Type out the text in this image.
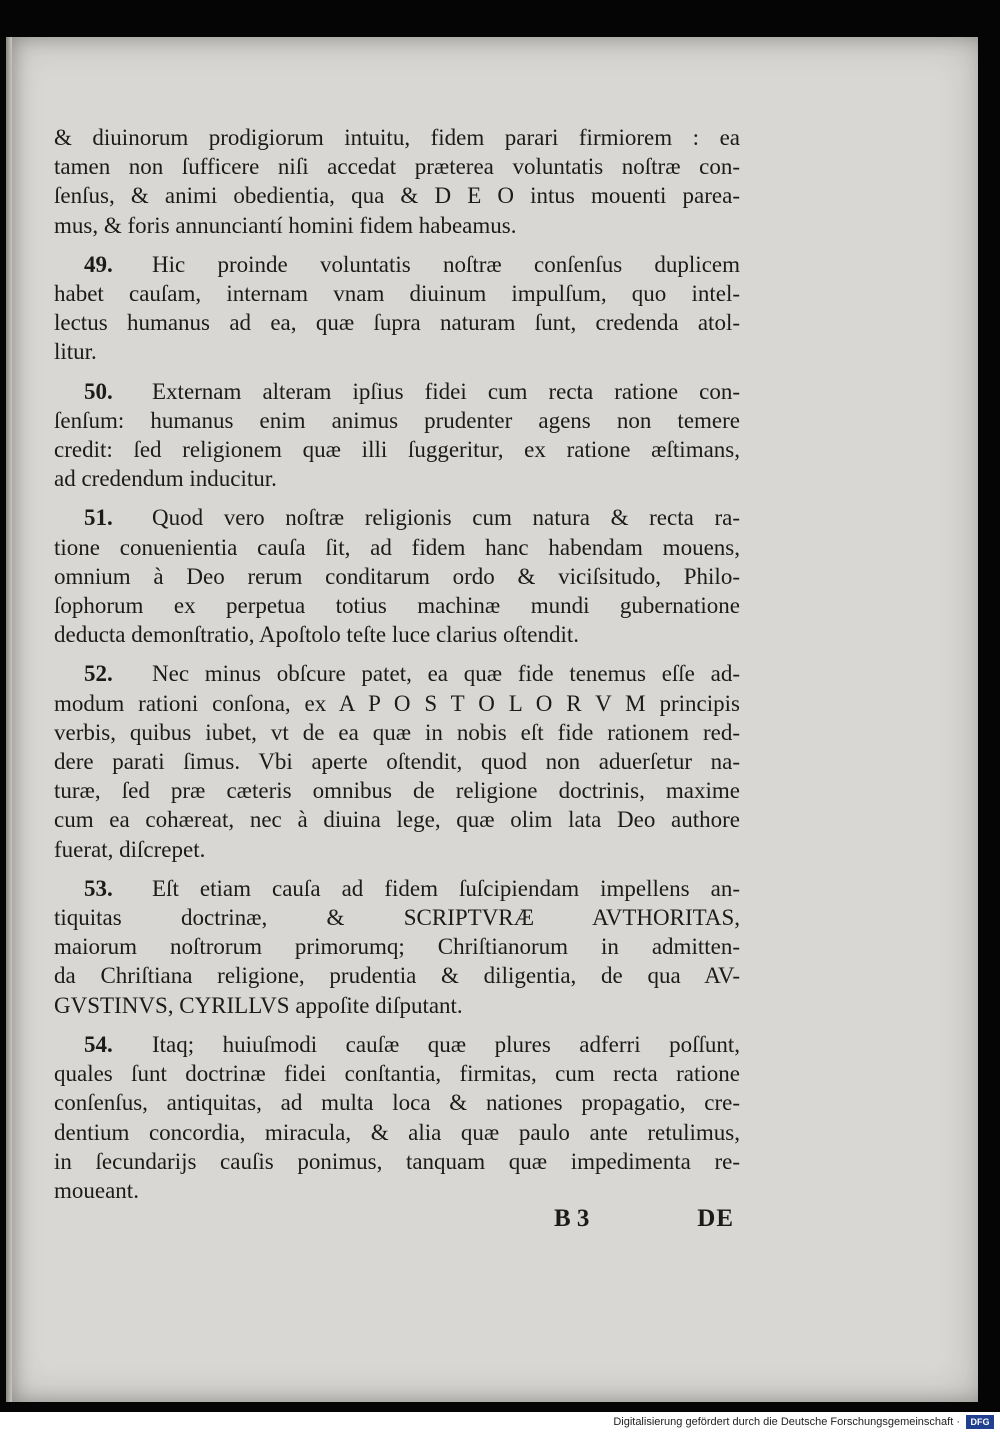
& diuinorum prodigiorum intuitu, fidem parari firmiorem : ea
tamen non ſufficere niſi accedat præterea voluntatis noſtræ con-
ſenſus, & animi obedientia, qua & D E O intus mouenti parea-
mus, & foris annunciantí homini fidem habeamus.
49. Hic proinde voluntatis noſtræ conſenſus duplicem
habet cauſam, internam vnam diuinum impulſum, quo intel-
lectus humanus ad ea, quæ ſupra naturam ſunt, credenda atol-
litur.
50. Externam alteram ipſius fidei cum recta ratione con-
ſenſum: humanus enim animus prudenter agens non temere
credit: ſed religionem quæ illi ſuggeritur, ex ratione æſtimans,
ad credendum inducitur.
51. Quod vero noſtræ religionis cum natura & recta ra-
tione conuenientia cauſa ſit, ad fidem hanc habendam mouens,
omnium à Deo rerum conditarum ordo & viciſsitudo, Philo-
ſophorum ex perpetua totius machinæ mundi gubernatione
deducta demonſtratio, Apoſtolo teſte luce clarius oſtendit.
52. Nec minus obſcure patet, ea quæ fide tenemus eſſe ad-
modum rationi conſona, ex A P O S T O L O R V M principis
verbis, quibus iubet, vt de ea quæ in nobis eſt fide rationem red-
dere parati ſimus. Vbi aperte oſtendit, quod non aduerſetur na-
turæ, ſed præ cæteris omnibus de religione doctrinis, maxime
cum ea cohæreat, nec à diuina lege, quæ olim lata Deo authore
fuerat, diſcrepet.
53. Eſt etiam cauſa ad fidem ſuſcipiendam impellens an-
tiquitas doctrinæ, & SCRIPTVRÆ AVTHORITAS,
maiorum noſtrorum primorumq; Chriſtianorum in admitten-
da Chriſtiana religione, prudentia & diligentia, de qua AV-
GVSTINVS, CYRILLVS appoſite diſputant.
54. Itaq; huiuſmodi cauſæ quæ plures adferri poſſunt,
quales ſunt doctrinæ fidei conſtantia, firmitas, cum recta ratione
conſenſus, antiquitas, ad multa loca & nationes propagatio, cre-
dentium concordia, miracula, & alia quæ paulo ante retulimus,
in ſecundarijs cauſis ponimus, tanquam quæ impedimenta re-
moueant.
B 3	DE
Digitalisierung gefördert durch die Deutsche Forschungsgemeinschaft ·	DFG
